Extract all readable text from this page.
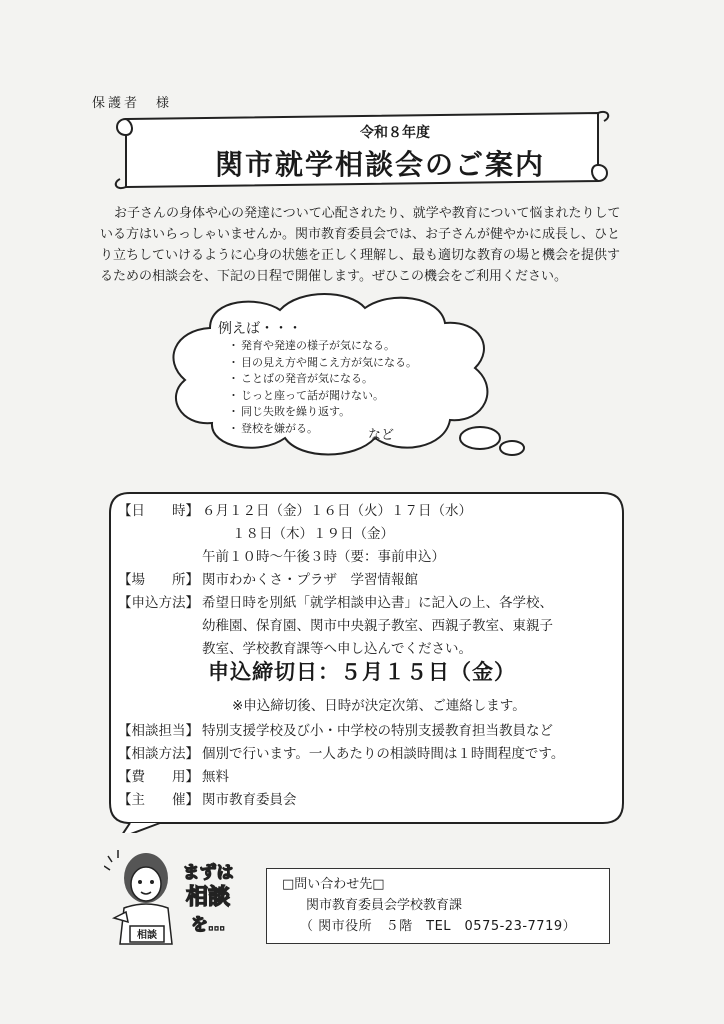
保護者　様
令和８年度
関市就学相談会のご案内

お子さんの身体や心の発達について心配されたり、就学や教育について悩まれたりしている方はいらっしゃいませんか。関市教育委員会では、お子さんが健やかに成長し、ひとり立ちしていけるように心身の状態を正しく理解し、最も適切な教育の場と機会を提供するための相談会を、下記の日程で開催します。ぜひこの機会をご利用ください。

例えば・・・
・ 発育や発達の様子が気になる。
・ 目の見え方や聞こえ方が気になる。
・ ことばの発音が気になる。
・ じっと座って話が聞けない。
・ 同じ失敗を繰り返す。
・ 登校を嫌がる。	など
【日　　時】 ６月１２日（金）１６日（火）１７日（水）
１８日（木）１９日（金）
午前１０時～午後３時（要：事前申込）
【場　　所】 関市わかくさ・プラザ　学習情報館
【申込方法】 希望日時を別紙「就学相談申込書」に記入の上、各学校、
幼稚園、保育園、関市中央親子教室、西親子教室、東親子
教室、学校教育課等へ申し込んでください。
申込締切日：５月１５日（金）
※申込締切後、日時が決定次第、ご連絡します。
【相談担当】 特別支援学校及び小・中学校の特別支援教育担当教員など
【相談方法】 個別で行います。一人あたりの相談時間は１時間程度です。
【費　　用】 無料
【主　　催】 関市教育委員会
相談
まずは
相談
を…
□問い合わせ先□
関市教育委員会学校教育課
（ 関市役所　５階　TEL　0575-23-7719）
